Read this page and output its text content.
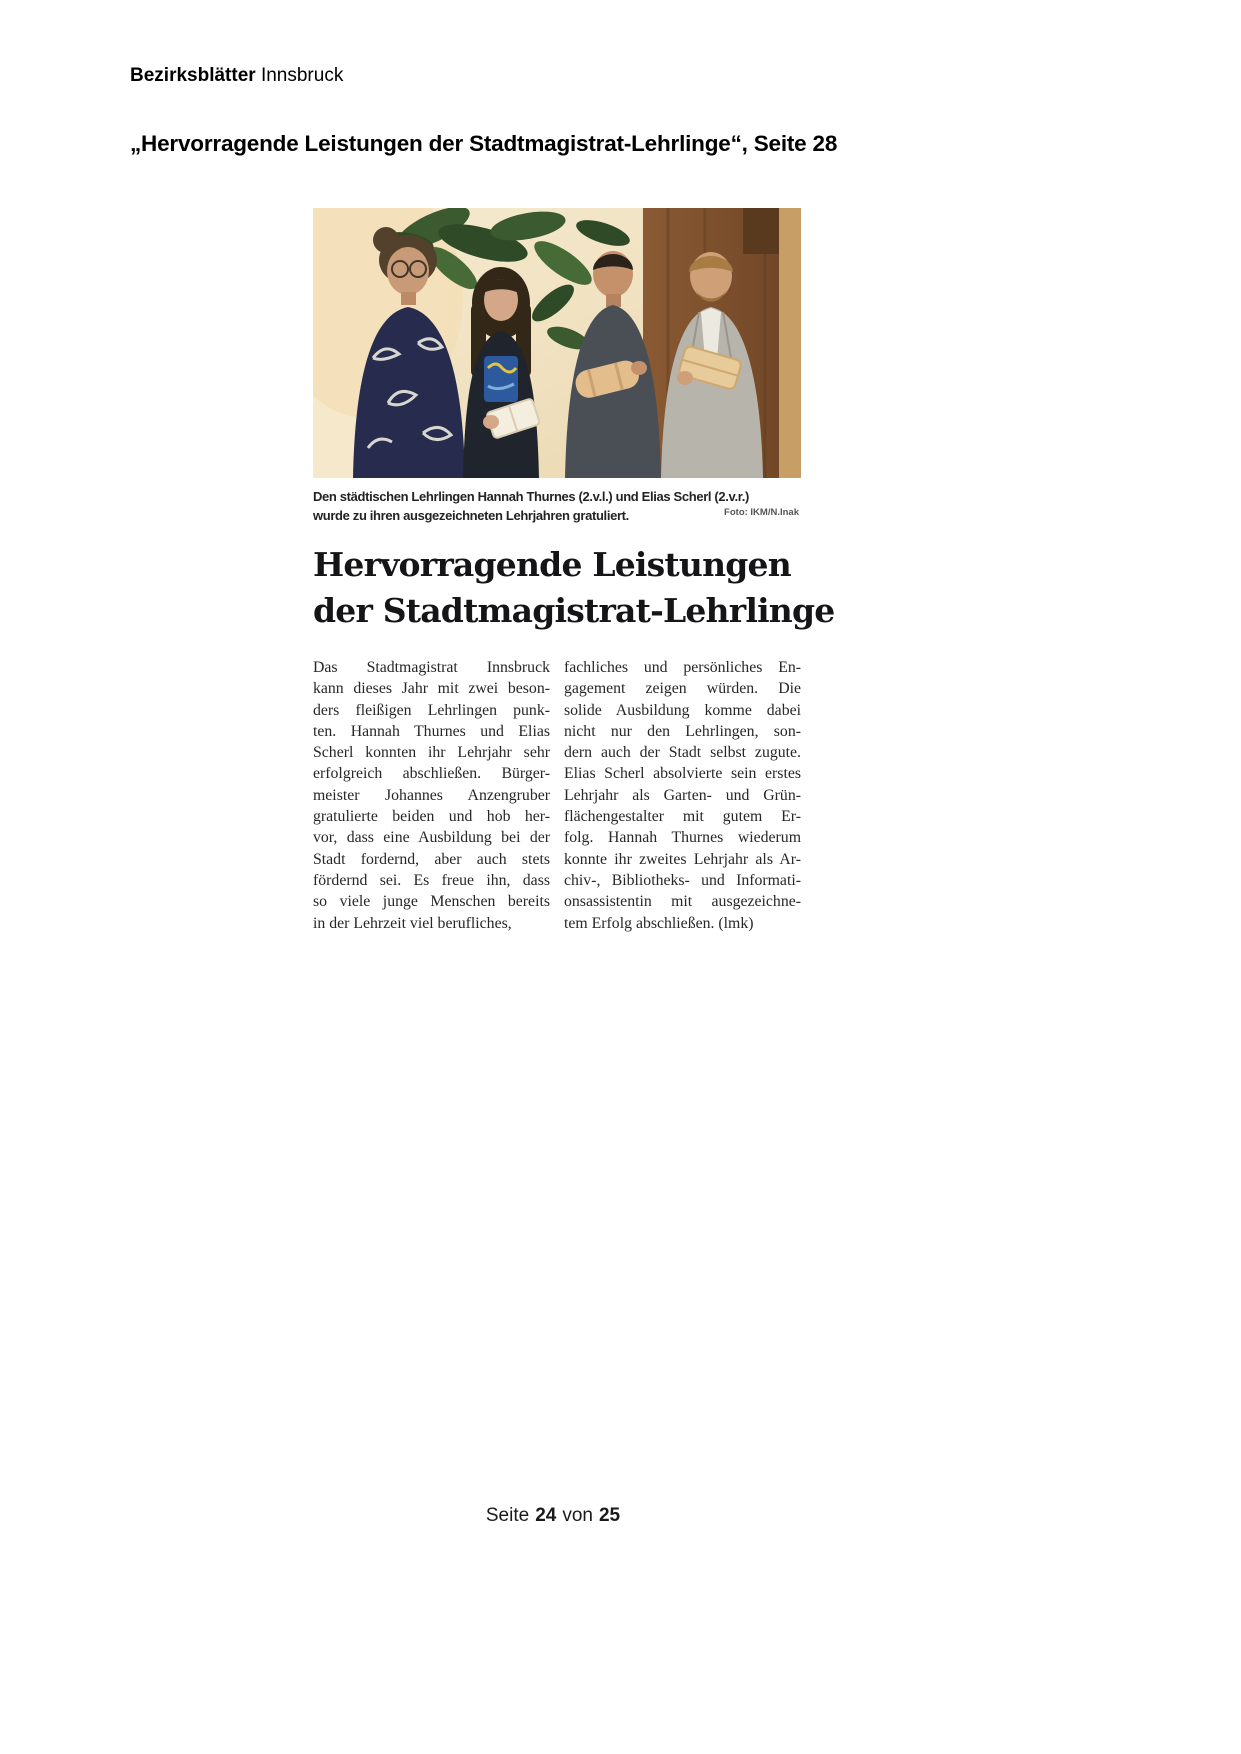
Bezirksblätter Innsbruck
„Hervorragende Leistungen der Stadtmagistrat-Lehrlinge“, Seite 28
Foto: IKM/N.Inak
Den städtischen Lehrlingen Hannah Thurnes (2.v.l.) und Elias Scherl (2.v.r.)
wurde zu ihren ausgezeichneten Lehrjahren gratuliert.
Hervorragende Leistungen
der Stadtmagistrat-Lehrlinge
Das Stadtmagistrat Innsbruck
kann dieses Jahr mit zwei beson-
ders fleißigen Lehrlingen punk-
ten. Hannah Thurnes und Elias
Scherl konnten ihr Lehrjahr sehr
erfolgreich abschließen. Bürger-
meister Johannes Anzengruber
gratulierte beiden und hob her-
vor, dass eine Ausbildung bei der
Stadt fordernd, aber auch stets
fördernd sei. Es freue ihn, dass
so viele junge Menschen bereits
in der Lehrzeit viel berufliches,
fachliches und persönliches En-
gagement zeigen würden. Die
solide Ausbildung komme dabei
nicht nur den Lehrlingen, son-
dern auch der Stadt selbst zugute.
Elias Scherl absolvierte sein erstes
Lehrjahr als Garten- und Grün-
flächengestalter mit gutem Er-
folg. Hannah Thurnes wiederum
konnte ihr zweites Lehrjahr als Ar-
chiv-, Bibliotheks- und Informati-
onsassistentin mit ausgezeichne-
tem Erfolg abschließen. (lmk)
Seite 24 von 25
